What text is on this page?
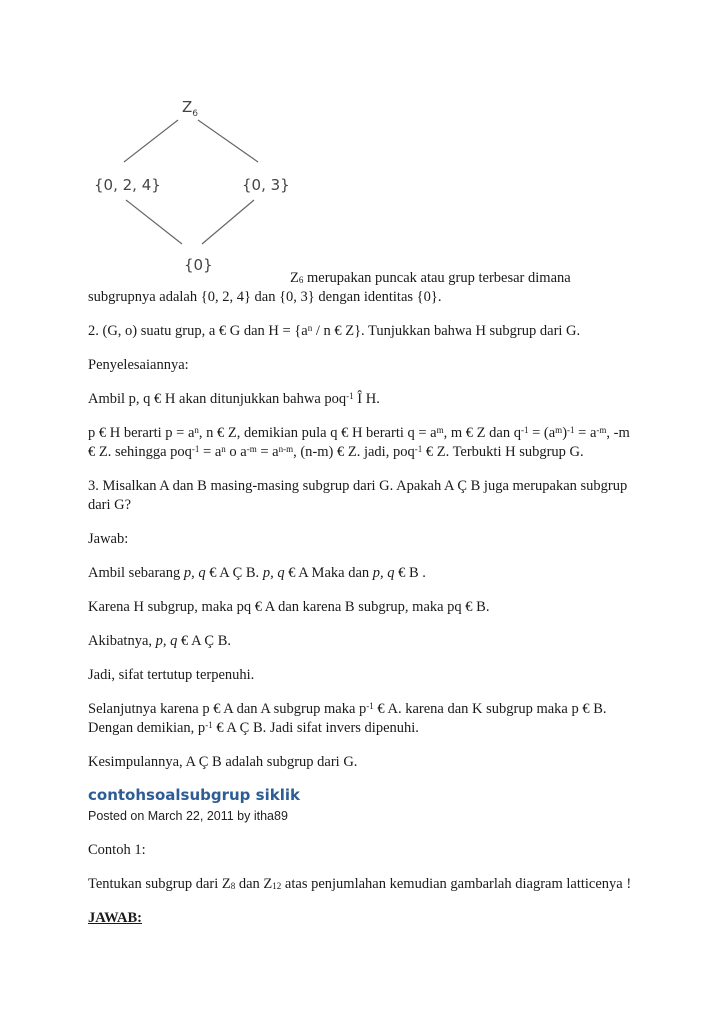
$Z_6$
{0, 2, 4}	{0, 3}
{0}
$Z_6$ merupakan puncak atau grup terbesar dimana
subgrupnya adalah {0, 2, 4} dan {0, 3} dengan identitas {0}.
2. (G, o) suatu grup, a € G dan $H = \{a^n / n$ € Z}. Tunjukkan bahwa H subgrup dari G.
Penyelesaiannya:
Ambil p, q € H akan ditunjukkan bahwa poq$^{-1}$ Î H.
p € H berarti $p = a^n$, n € Z, demikian pula q € H berarti $q = a^m$, m € Z dan $q^{-1} = (a^m)^{-1} = a^{-m}$, -m
€ Z. sehingga $poq^{-1} = a^n$ o $a^{-m} = a^{n-m}$, (n-m) € Z. jadi, poq$^{-1}$ € Z. Terbukti H subgrup G.
3. Misalkan A dan B masing-masing subgrup dari G. Apakah A Ç B juga merupakan subgrup
dari G?
Jawab:
Ambil sebarang p, q € A Ç B. p, q € A Maka dan p, q € B .
Karena H subgrup, maka pq € A dan karena B subgrup, maka pq € B.
Akibatnya, p, q € A Ç B.
Jadi, sifat tertutup terpenuhi.
Selanjutnya karena p € A dan A subgrup maka $p^{-1}$ € A. karena dan K subgrup maka p € B.
Dengan demikian, $p^{-1}$ € A Ç B. Jadi sifat invers dipenuhi.
Kesimpulannya, A Ç B adalah subgrup dari G.
contohsoalsubgrup siklik
Posted on March 22, 2011 by itha89
Contoh 1:
Tentukan subgrup dari $Z_8$ dan $Z_{12}$ atas penjumlahan kemudian gambarlah diagram latticenya !
JAWAB:
